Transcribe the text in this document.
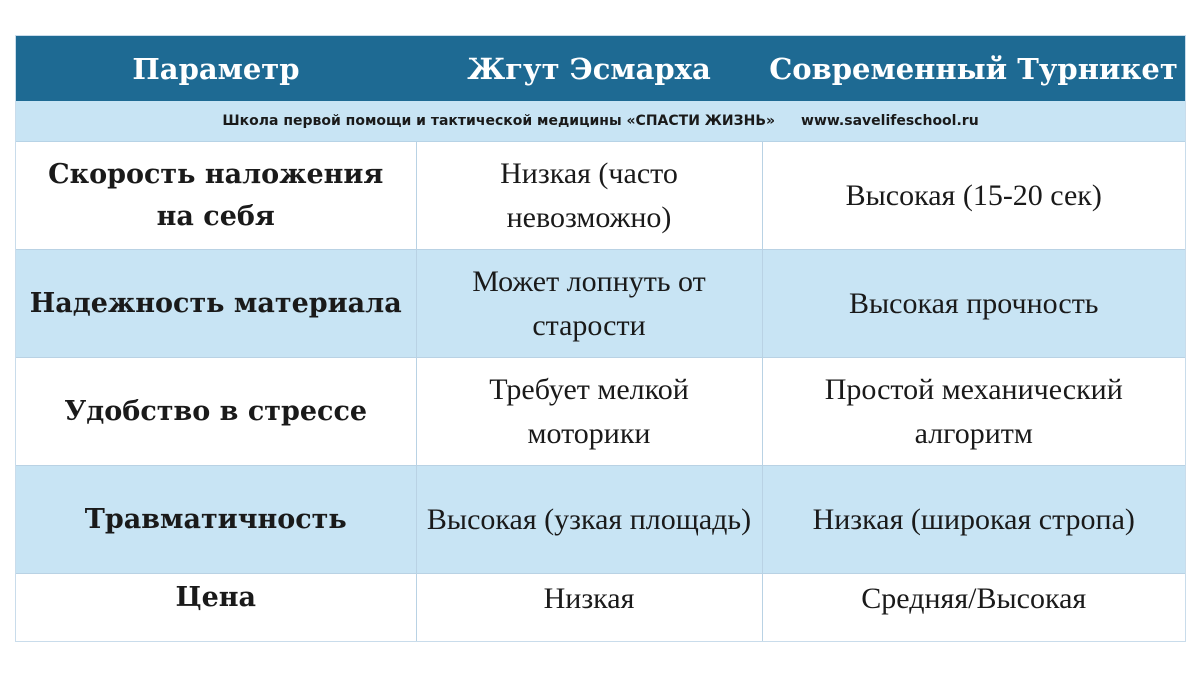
Параметр	Жгут Эсмарха	Современный Турникет
Школа первой помощи и тактической медицины «СПАСТИ ЖИЗНЬ» www.savelifeschool.ru		
Скорость наложения на себя	Низкая (часто невозможно)	Высокая (15-20 сек)
Надежность материала	Может лопнуть от старости	Высокая прочность
Удобство в стрессе	Требует мелкой моторики	Простой механический алгоритм
Травматичность	Высокая (узкая площадь)	Низкая (широкая стропа)
Цена	Низкая	Средняя/Высокая
